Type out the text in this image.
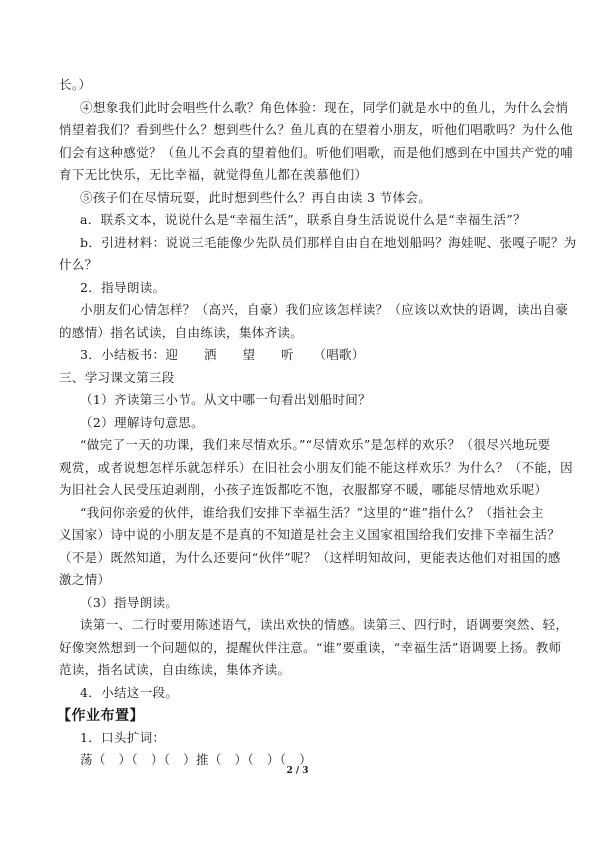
长。）
④想象我们此时会唱些什么歌？角色体验：现在，同学们就是水中的鱼儿，为什么会悄
悄望着我们？看到些什么？想到些什么？鱼儿真的在望着小朋友，听他们唱歌吗？为什么他
们会有这种感觉？（鱼儿不会真的望着他们。听他们唱歌，而是他们感到在中国共产党的哺
育下无比快乐，无比幸福，就觉得鱼儿都在羡慕他们）
⑤孩子们在尽情玩耍，此时想到些什么？再自由读 3 节体会。
a．联系文本，说说什么是“幸福生活”，联系自身生活说说什么是“幸福生活”？
b．引进材料：说说三毛能像少先队员们那样自由自在地划船吗？海娃呢、张嘎子呢？为
什么？
2．指导朗读。
小朋友们心情怎样？（高兴，自豪）我们应该怎样读？（应该以欢快的语调，读出自豪
的感情）指名试读，自由练读，集体齐读。
3．小结板书：迎　　洒　　望　　听　　（唱歌）
三、学习课文第三段
（1）齐读第三小节。从文中哪一句看出划船时间？
（2）理解诗句意思。
“做完了一天的功课，我们来尽情欢乐。”“尽情欢乐”是怎样的欢乐？（很尽兴地玩要
观赏，或者说想怎样乐就怎样乐）在旧社会小朋友们能不能这样欢乐？为什么？（不能，因
为旧社会人民受压迫剥削，小孩子连饭都吃不饱，衣服都穿不暖，哪能尽情地欢乐呢）
“我问你亲爱的伙伴，谁给我们安排下幸福生活？”这里的“谁”指什么？（指社会主
义国家）诗中说的小朋友是不是真的不知道是社会主义国家祖国给我们安排下幸福生活？
（不是）既然知道，为什么还要问“伙伴”呢？（这样明知故问，更能表达他们对祖国的感
激之情）
（3）指导朗读。
读第一、二行时要用陈述语气，读出欢快的情感。读第三、四行时，语调要突然、轻，
好像突然想到一个问题似的，提醒伙伴注意。“谁”要重读，“幸福生活”语调要上扬。教师
范读，指名试读，自由练读，集体齐读。
4．小结这一段。
【作业布置】
1．口头扩词：
荡（　）（　）（　）推（　）（　）（　）
2 / 3
